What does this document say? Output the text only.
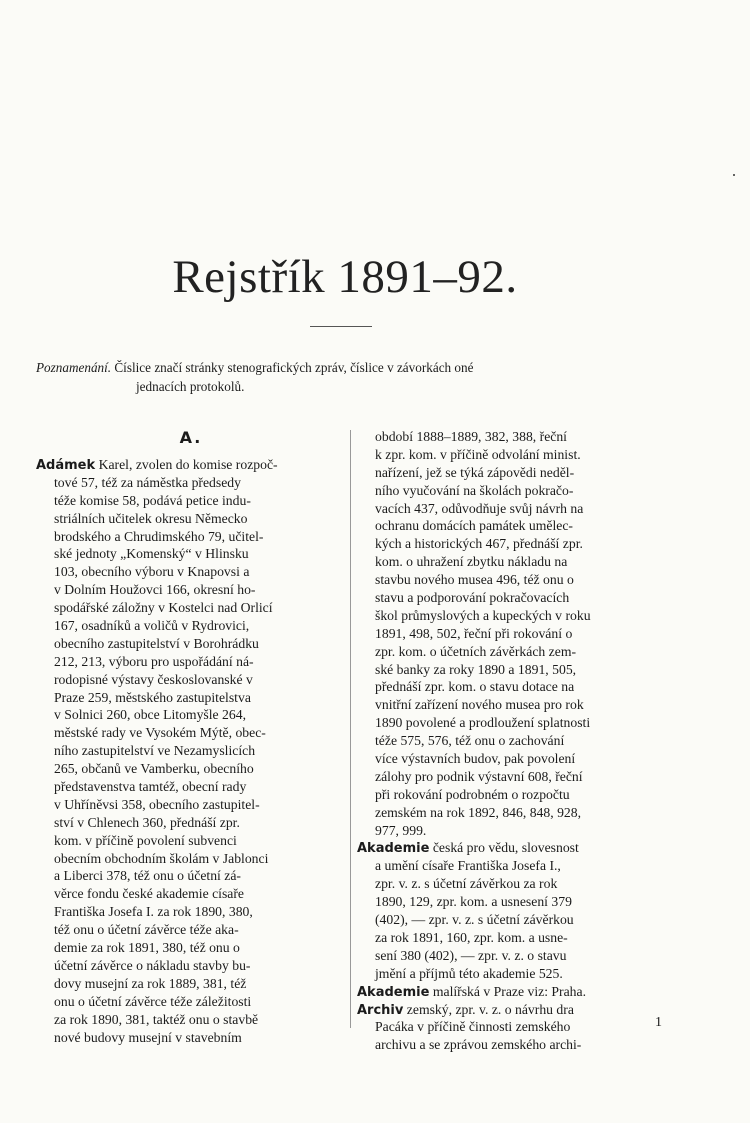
Rejstřík 1891–92.
Poznamenání. Číslice značí stránky stenografických zpráv, číslice v závorkách oné
jednacích protokolů.
A.
Adámek Karel, zvolen do komise rozpoč-
tové 57, též za náměstka předsedy
téže komise 58, podává petice indu-
striálních učitelek okresu Německo
brodského a Chrudimského 79, učitel-
ské jednoty „Komenský“ v Hlinsku
103, obecního výboru v Knapovsi a
v Dolním Houžovci 166, okresní ho-
spodářské záložny v Kostelci nad Orlicí
167, osadníků a voličů v Rydrovici,
obecního zastupitelství v Borohrádku
212, 213, výboru pro uspořádání ná-
rodopisné výstavy českoslovanské v
Praze 259, městského zastupitelstva
v Solnici 260, obce Litomyšle 264,
městské rady ve Vysokém Mýtě, obec-
ního zastupitelství ve Nezamyslicích
265, občanů ve Vamberku, obecního
představenstva tamtéž, obecní rady
v Uhříněvsi 358, obecního zastupitel-
ství v Chlenech 360, přednáší zpr.
kom. v příčině povolení subvenci
obecním obchodním školám v Jablonci
a Liberci 378, též onu o účetní zá-
věrce fondu české akademie císaře
Františka Josefa I. za rok 1890, 380,
též onu o účetní závěrce téže aka-
demie za rok 1891, 380, též onu o
účetní závěrce o nákladu stavby bu-
dovy musejní za rok 1889, 381, též
onu o účetní závěrce téže záležitosti
za rok 1890, 381, taktéž onu o stavbě
nové budovy musejní v stavebním
období 1888–1889, 382, 388, řeční
k zpr. kom. v příčině odvolání minist.
nařízení, jež se týká zápovědi neděl-
ního vyučování na školách pokračo-
vacích 437, odůvodňuje svůj návrh na
ochranu domácích památek umělec-
kých a historických 467, přednáší zpr.
kom. o uhražení zbytku nákladu na
stavbu nového musea 496, též onu o
stavu a podporování pokračovacích
škol průmyslových a kupeckých v roku
1891, 498, 502, řeční při rokování o
zpr. kom. o účetních závěrkách zem-
ské banky za roky 1890 a 1891, 505,
přednáší zpr. kom. o stavu dotace na
vnitřní zařízení nového musea pro rok
1890 povolené a prodloužení splatnosti
téže 575, 576, též onu o zachování
více výstavních budov, pak povolení
zálohy pro podnik výstavní 608, řeční
při rokování podrobném o rozpočtu
zemském na rok 1892, 846, 848, 928,
977, 999.
Akademie česká pro vědu, slovesnost
a umění císaře Františka Josefa I.,
zpr. v. z. s účetní závěrkou za rok
1890, 129, zpr. kom. a usnesení 379
(402), — zpr. v. z. s účetní závěrkou
za rok 1891, 160, zpr. kom. a usne-
sení 380 (402), — zpr. v. z. o stavu
jmění a příjmů této akademie 525.
Akademie malířská v Praze viz: Praha.
Archiv zemský, zpr. v. z. o návrhu dra
Pacáka v příčině činnosti zemského
archivu a se zprávou zemského archi-
1
